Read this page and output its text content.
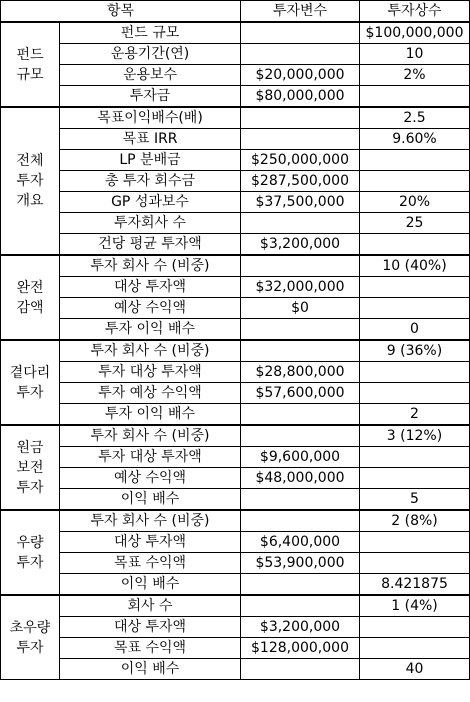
항목		투자변수	투자상수

펀드
규모	펀드 규모		$100,000,000
	운용기간(연)		10
	운용보수	$20,000,000	2%
	투자금	$80,000,000	

전체
투자
개요	목표이익배수(배)		2.5
	목표 IRR		9.60%
	LP 분배금	$250,000,000	
	총 투자 회수금	$287,500,000	
	GP 성과보수	$37,500,000	20%
	투자회사 수		25
	건당 평균 투자액	$3,200,000	

완전
감액	투자 회사 수 (비중)		10 (40%)
	대상 투자액	$32,000,000	
	예상 수익액	$0	
	투자 이익 배수		0

곁다리
투자	투자 회사 수 (비중)		9 (36%)
	투자 대상 투자액	$28,800,000	
	투자 예상 수익액	$57,600,000	
	투자 이익 배수		2

원금
보전
투자	투자 회사 수 (비중)		3 (12%)
	투자 대상 투자액	$9,600,000	
	예상 수익액	$48,000,000	
	이익 배수		5

우량
투자	투자 회사 수 (비중)		2 (8%)
	대상 투자액	$6,400,000	
	목표 수익액	$53,900,000	
	이익 배수		8.421875

초우량
투자	회사 수		1 (4%)
	대상 투자액	$3,200,000	
	목표 수익액	$128,000,000	
	이익 배수		40
